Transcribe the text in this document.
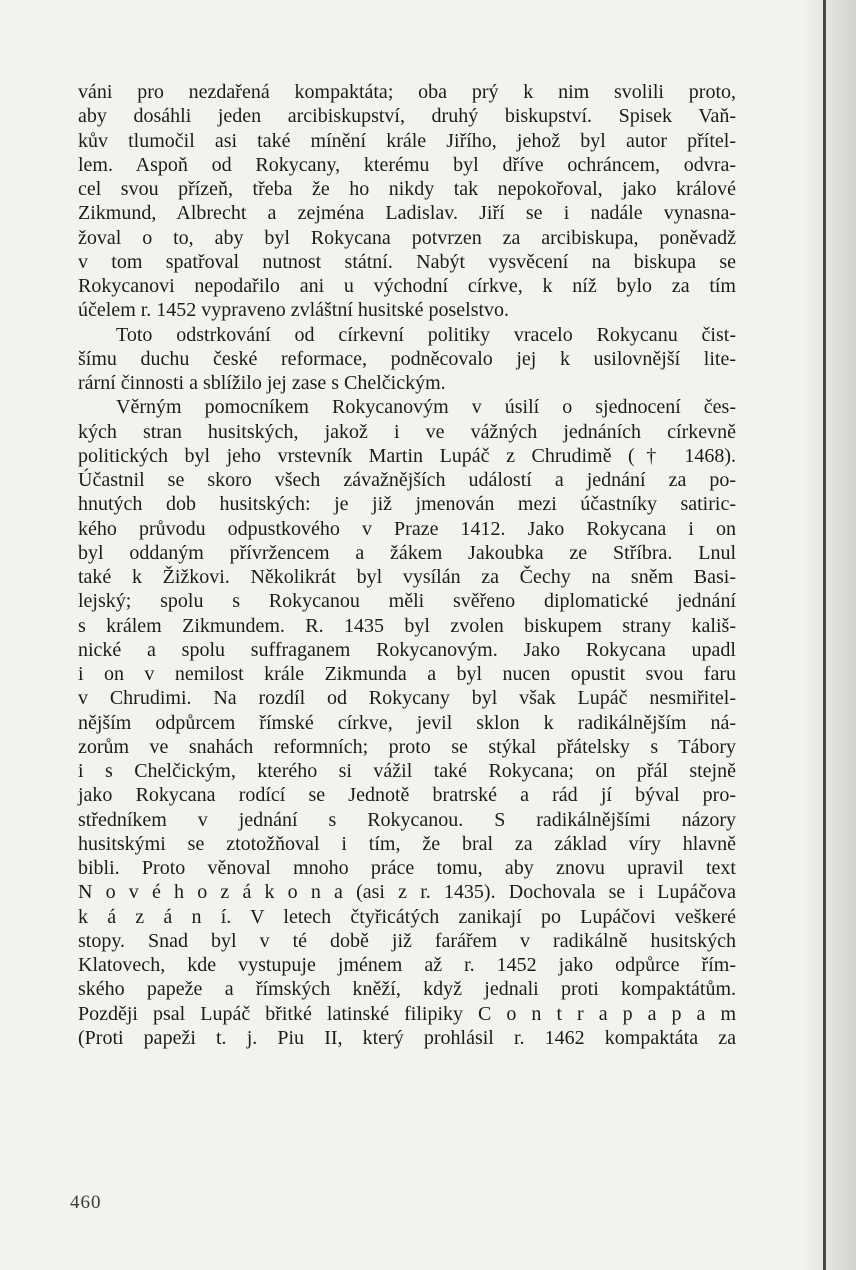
váni pro nezdařená kompaktáta; oba prý k nim svolili proto,
aby dosáhli jeden arcibiskupství, druhý biskupství. Spisek Vaň-
kův tlumočil asi také mínění krále Jiřího, jehož byl autor přítel-
lem. Aspoň od Rokycany, kterému byl dříve ochráncem, odvra-
cel svou přízeň, třeba že ho nikdy tak nepokořoval, jako králové
Zikmund, Albrecht a zejména Ladislav. Jiří se i nadále vynasna-
žoval o to, aby byl Rokycana potvrzen za arcibiskupa, poněvadž
v tom spatřoval nutnost státní. Nabýt vysvěcení na biskupa se
Rokycanovi nepodařilo ani u východní církve, k níž bylo za tím
účelem r. 1452 vypraveno zvláštní husitské poselstvo.
Toto odstrkování od církevní politiky vracelo Rokycanu čist-
šímu duchu české reformace, podněcovalo jej k usilovnější lite-
rární činnosti a sblížilo jej zase s Chelčickým.
Věrným pomocníkem Rokycanovým v úsilí o sjednocení čes-
kých stran husitských, jakož i ve vážných jednáních církevně
politických byl jeho vrstevník Martin Lupáč z Chrudimě († 1468).
Účastnil se skoro všech závažnějších událostí a jednání za po-
hnutých dob husitských: je již jmenován mezi účastníky satiric-
kého průvodu odpustkového v Praze 1412. Jako Rokycana i on
byl oddaným přívržencem a žákem Jakoubka ze Stříbra. Lnul
také k Žižkovi. Několikrát byl vysílán za Čechy na sněm Basi-
lejský; spolu s Rokycanou měli svěřeno diplomatické jednání
s králem Zikmundem. R. 1435 byl zvolen biskupem strany kališ-
nické a spolu suffraganem Rokycanovým. Jako Rokycana upadl
i on v nemilost krále Zikmunda a byl nucen opustit svou faru
v Chrudimi. Na rozdíl od Rokycany byl však Lupáč nesmiřitel-
nějším odpůrcem římské církve, jevil sklon k radikálnějším ná-
zorům ve snahách reformních; proto se stýkal přátelsky s Tábory
i s Chelčickým, kterého si vážil také Rokycana; on přál stejně
jako Rokycana rodící se Jednotě bratrské a rád jí býval pro-
středníkem v jednání s Rokycanou. S radikálnějšími názory
husitskými se ztotožňoval i tím, že bral za základ víry hlavně
bibli. Proto věnoval mnoho práce tomu, aby znovu upravil text
N o v é h o z á k o n a (asi z r. 1435). Dochovala se i Lupáčova
k á z á n í. V letech čtyřicátých zanikají po Lupáčovi veškeré
stopy. Snad byl v té době již farářem v radikálně husitských
Klatovech, kde vystupuje jménem až r. 1452 jako odpůrce řím-
ského papeže a římských kněží, když jednali proti kompaktátům.
Později psal Lupáč břitké latinské filipiky C o n t r a p a p a m
(Proti papeži t. j. Piu II, který prohlásil r. 1462 kompaktáta za
460
